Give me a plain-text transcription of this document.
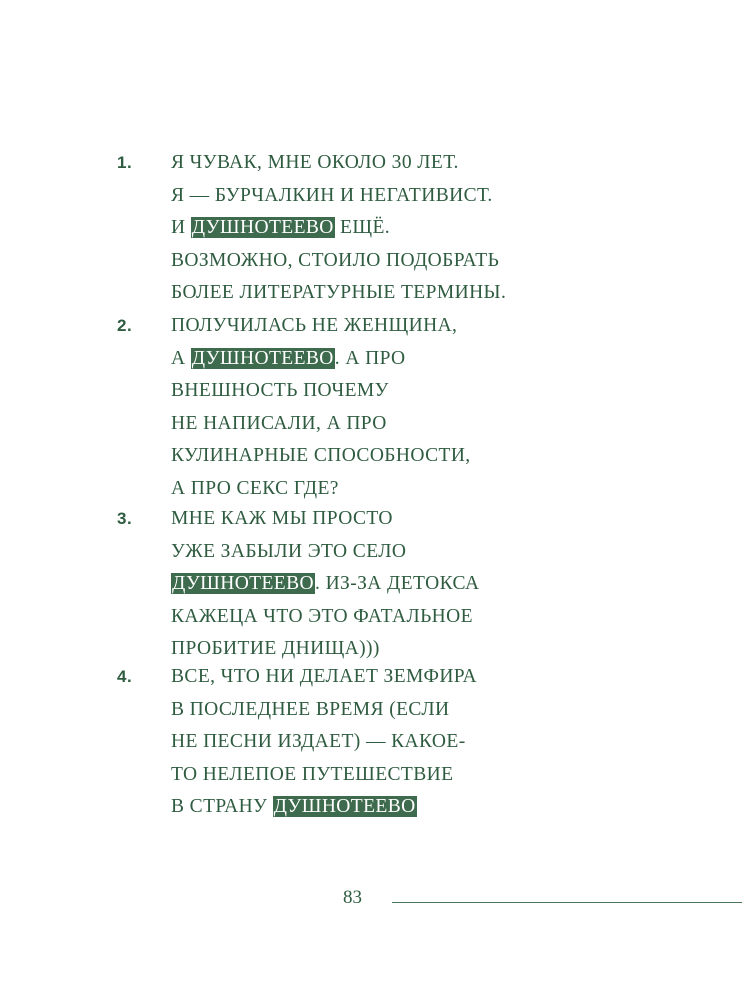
1. Я ЧУВАК, МНЕ ОКОЛО 30 ЛЕТ.
Я — БУРЧАЛКИН И НЕГАТИВИСТ.
И ДУШНОТЕЕВО ЕЩЁ.
ВОЗМОЖНО, СТОИЛО ПОДОБРАТЬ
БОЛЕЕ ЛИТЕРАТУРНЫЕ ТЕРМИНЫ.
2. ПОЛУЧИЛАСЬ НЕ ЖЕНЩИНА,
А ДУШНОТЕЕВО. А ПРО
ВНЕШНОСТЬ ПОЧЕМУ
НЕ НАПИСАЛИ, А ПРО
КУЛИНАРНЫЕ СПОСОБНОСТИ,
А ПРО СЕКС ГДЕ?
3. МНЕ КАЖ МЫ ПРОСТО
УЖЕ ЗАБЫЛИ ЭТО СЕЛО
ДУШНОТЕЕВО. ИЗ-ЗА ДЕТОКСА
КАЖЕЦА ЧТО ЭТО ФАТАЛЬНОЕ
ПРОБИТИЕ ДНИЩА)))
4. ВСЕ, ЧТО НИ ДЕЛАЕТ ЗЕМФИРА
В ПОСЛЕДНЕЕ ВРЕМЯ (ЕСЛИ
НЕ ПЕСНИ ИЗДАЕТ) — КАКОЕ-
ТО НЕЛЕПОЕ ПУТЕШЕСТВИЕ
В СТРАНУ ДУШНОТЕЕВО
83
